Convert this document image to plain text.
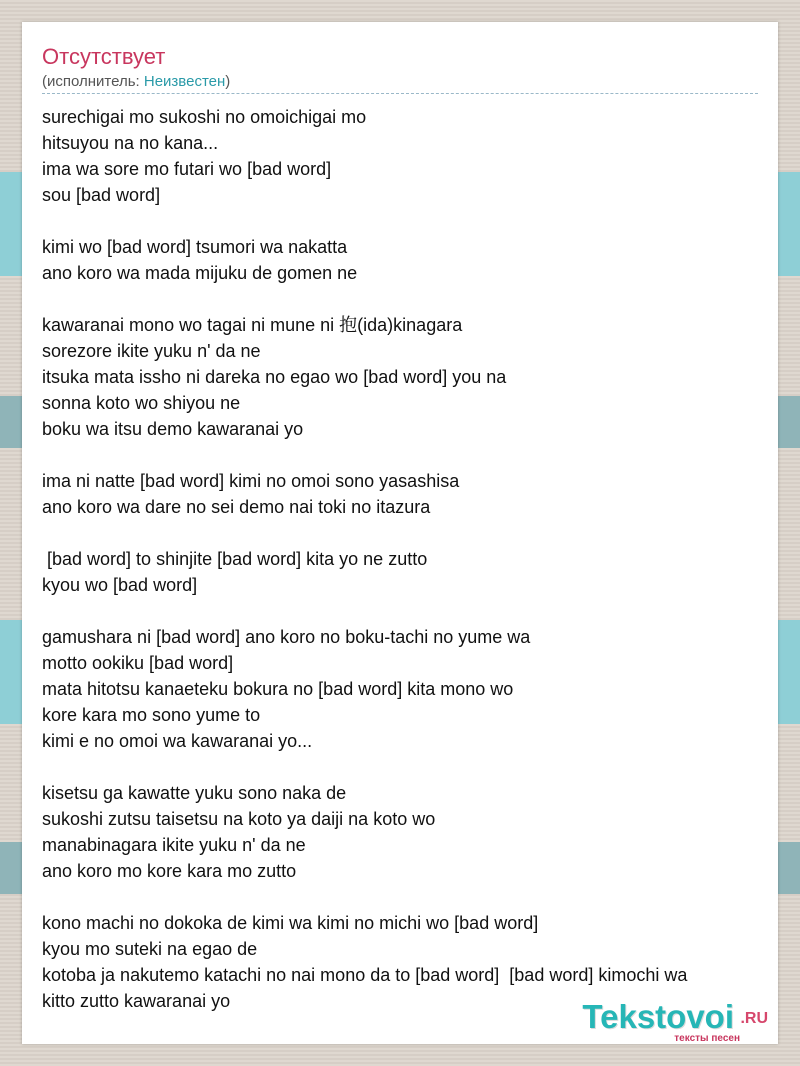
Отсутствует
(исполнитель: Неизвестен)
surechigai mo sukoshi no omoichigai mo
hitsuyou na no kana...
ima wa sore mo futari wo [bad word]
sou [bad word]
kimi wo [bad word] tsumori wa nakatta
ano koro wa mada mijuku de gomen ne
kawaranai mono wo tagai ni mune ni 抱(ida)kinagara
sorezore ikite yuku n' da ne
itsuka mata issho ni dareka no egao wo [bad word] you na
sonna koto wo shiyou ne
boku wa itsu demo kawaranai yo
ima ni natte [bad word] kimi no omoi sono yasashisa
ano koro wa dare no sei demo nai toki no itazura
[bad word] to shinjite [bad word] kita yo ne zutto
kyou wo [bad word]
gamushara ni [bad word] ano koro no boku-tachi no yume wa
motto ookiku [bad word]
mata hitotsu kanaeteku bokura no [bad word] kita mono wo
kore kara mo sono yume to
kimi e no omoi wa kawaranai yo...
kisetsu ga kawatte yuku sono naka de
sukoshi zutsu taisetsu na koto ya daiji na koto wo
manabinagara ikite yuku n' da ne
ano koro mo kore kara mo zutto
kono machi no dokoka de kimi wa kimi no michi wo [bad word]
kyou mo suteki na egao de
kotoba ja nakutemo katachi no nai mono da to [bad word]  [bad word] kimochi wa
kitto zutto kawaranai yo	Tekstovoi .RU
тексты песен
